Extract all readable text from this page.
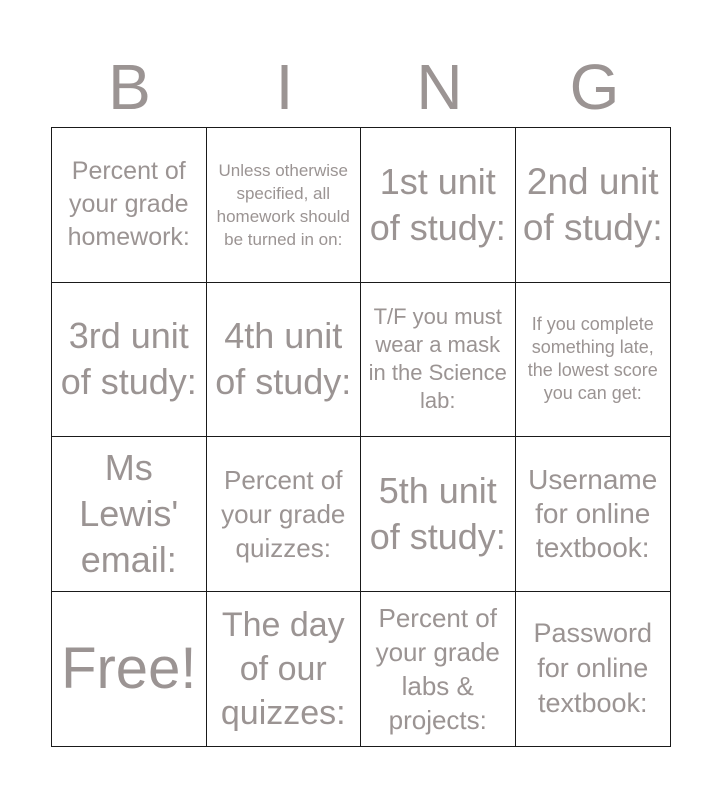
B	I	N	G
Percent of your grade homework:
Unless otherwise specified, all homework should be turned in on:
1st unit of study:
2nd unit of study:
3rd unit of study:
4th unit of study:
T/F you must wear a mask in the Science lab:
If you complete something late, the lowest score you can get:
Ms Lewis' email:
Percent of your grade quizzes:
5th unit of study:
Username for online textbook:
Free!
The day of our quizzes:
Percent of your grade labs & projects:
Password for online textbook:
